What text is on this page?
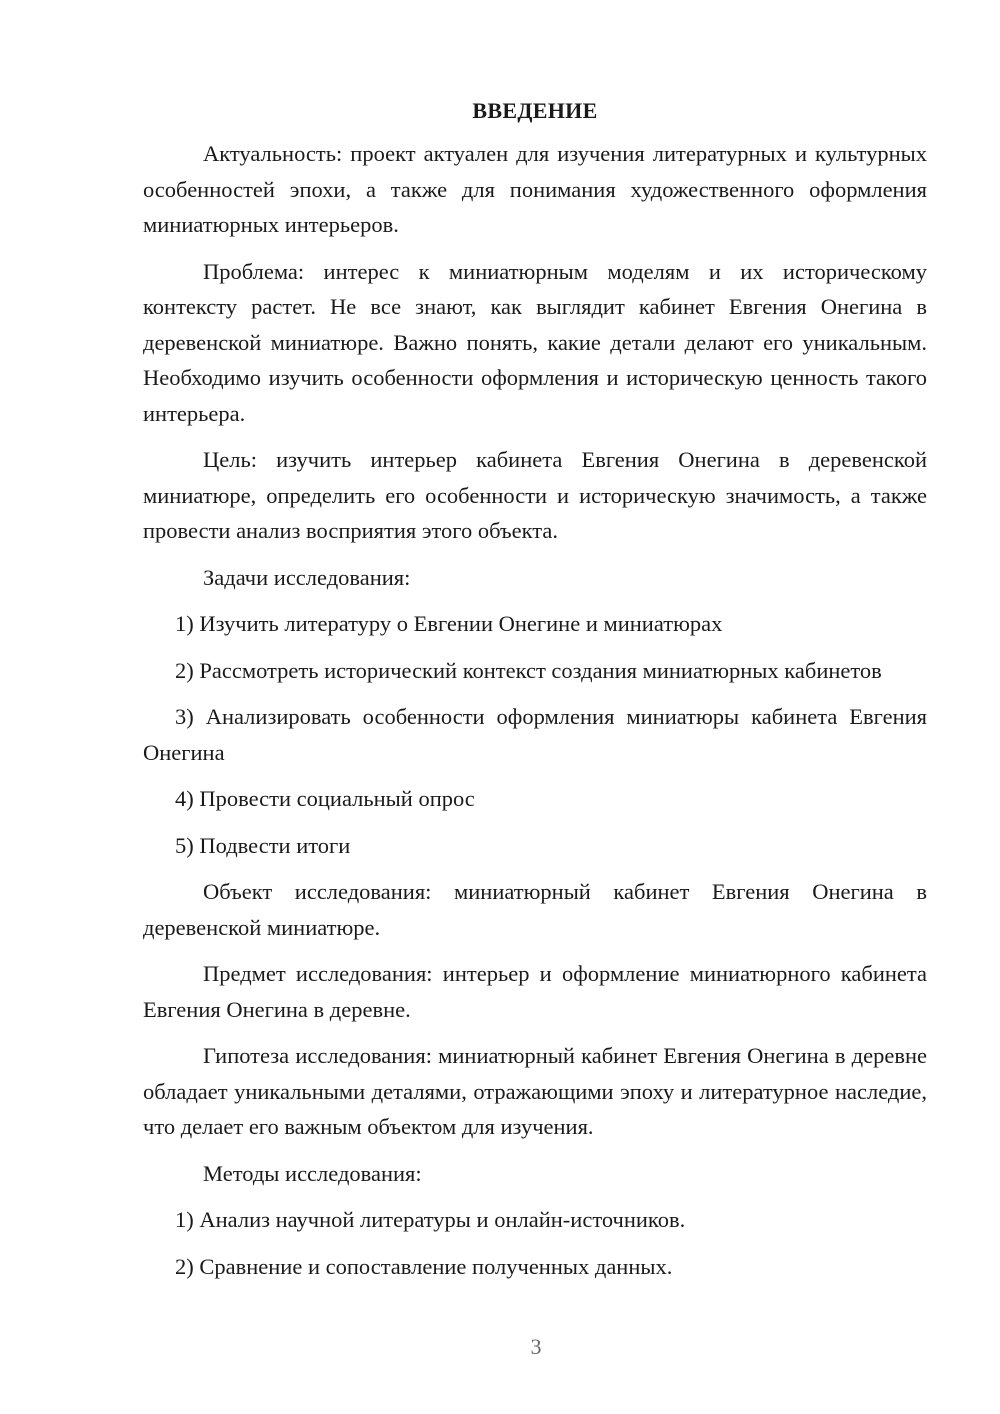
ВВЕДЕНИЕ

Актуальность: проект актуален для изучения литературных и культурных особенностей эпохи, а также для понимания художественного оформления миниатюрных интерьеров.

Проблема: интерес к миниатюрным моделям и их историческому контексту растет. Не все знают, как выглядит кабинет Евгения Онегина в деревенской миниатюре. Важно понять, какие детали делают его уникальным. Необходимо изучить особенности оформления и историческую ценность такого интерьера.

Цель: изучить интерьер кабинета Евгения Онегина в деревенской миниатюре, определить его особенности и историческую значимость, а также провести анализ восприятия этого объекта.

Задачи исследования:

1) Изучить литературу о Евгении Онегине и миниатюрах

2) Рассмотреть исторический контекст создания миниатюрных кабинетов

3) Анализировать особенности оформления миниатюры кабинета Евгения Онегина

4) Провести социальный опрос

5) Подвести итоги

Объект исследования: миниатюрный кабинет Евгения Онегина в деревенской миниатюре.

Предмет исследования: интерьер и оформление миниатюрного кабинета Евгения Онегина в деревне.

Гипотеза исследования: миниатюрный кабинет Евгения Онегина в деревне обладает уникальными деталями, отражающими эпоху и литературное наследие, что делает его важным объектом для изучения.

Методы исследования:

1) Анализ научной литературы и онлайн-источников.

2) Сравнение и сопоставление полученных данных.

3
